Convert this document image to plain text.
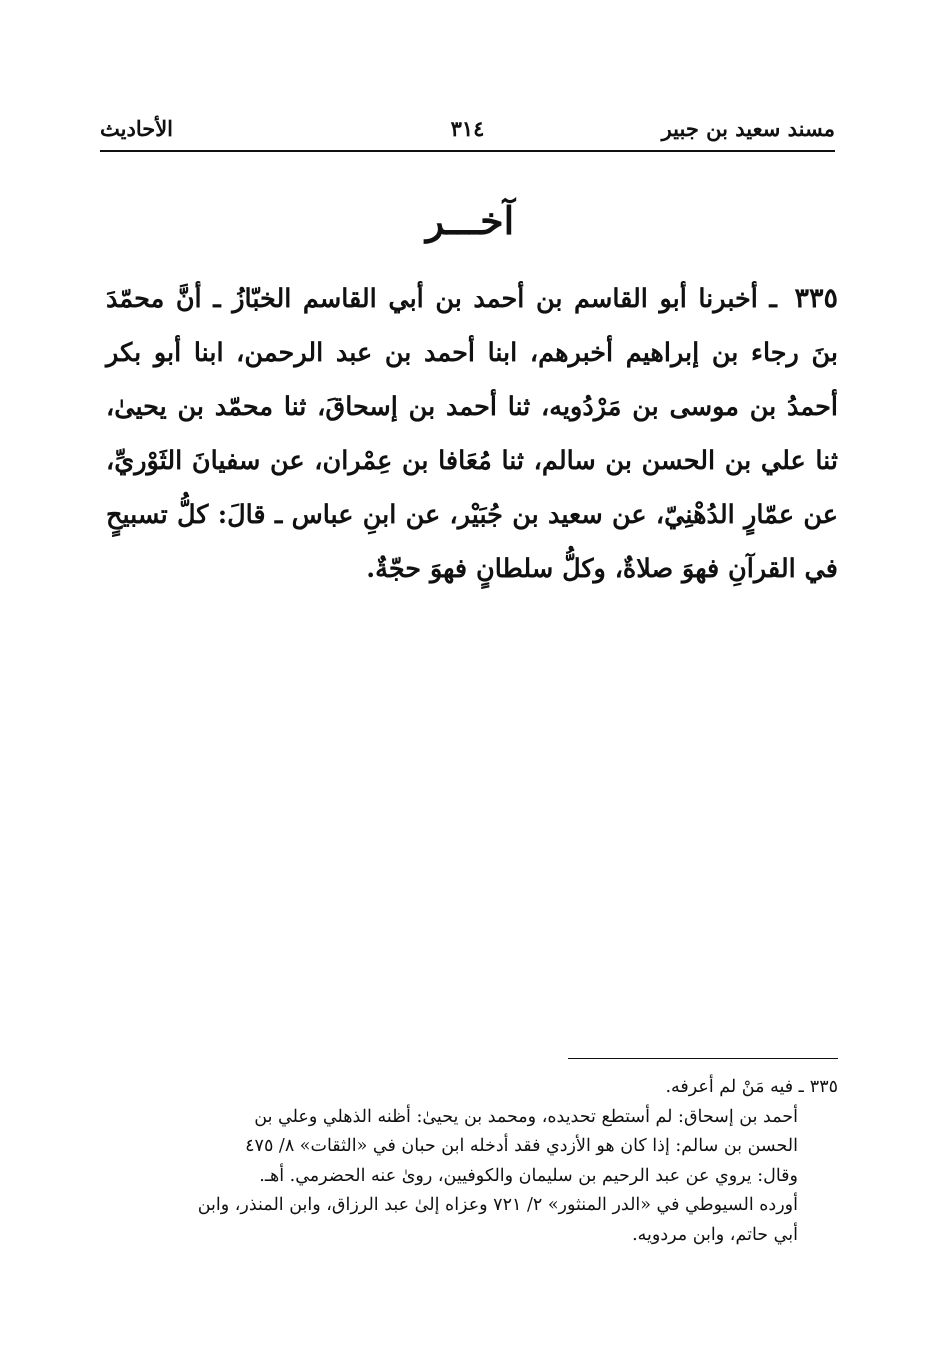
مسند سعيد بن جبير
٣١٤
الأحاديث
آخـــر
٣٣٥ ـ أخبرنا أبو القاسم بن أحمد بن أبي القاسم الخبّازُ ـ أنَّ محمّدَ بنَ رجاء بن إبراهيم أخبرهم، ابنا أحمد بن عبد الرحمن، ابنا أبو بكر أحمدُ بن موسى بن مَرْدُويه، ثنا أحمد بن إسحاقَ، ثنا محمّد بن يحيىٰ، ثنا علي بن الحسن بن سالم، ثنا مُعَافا بن عِمْران، عن سفيانَ الثَوْريِّ، عن عمّارٍ الدُهْنِيّ، عن سعيد بن جُبَيْر، عن ابنِ عباس ـ قالَ: كلُّ تسبيحٍ في القرآنِ فهوَ صلاةٌ، وكلُّ سلطانٍ فهوَ حجّةٌ.
٣٣٥ـ فيه مَنْ لم أعرفه.
أحمد بن إسحاق: لم أستطع تحديده، ومحمد بن يحيىٰ: أظنه الذهلي وعلي بن
الحسن بن سالم: إذا كان هو الأزدي فقد أدخله ابن حبان في «الثقات» ٨/ ٤٧٥
وقال: يروي عن عبد الرحيم بن سليمان والكوفيين، روىٰ عنه الحضرمي. أهـ.
أورده السيوطي في «الدر المنثور» ٢/ ٧٢١ وعزاه إلىٰ عبد الرزاق، وابن المنذر، وابن
أبي حاتم، وابن مردويه.
